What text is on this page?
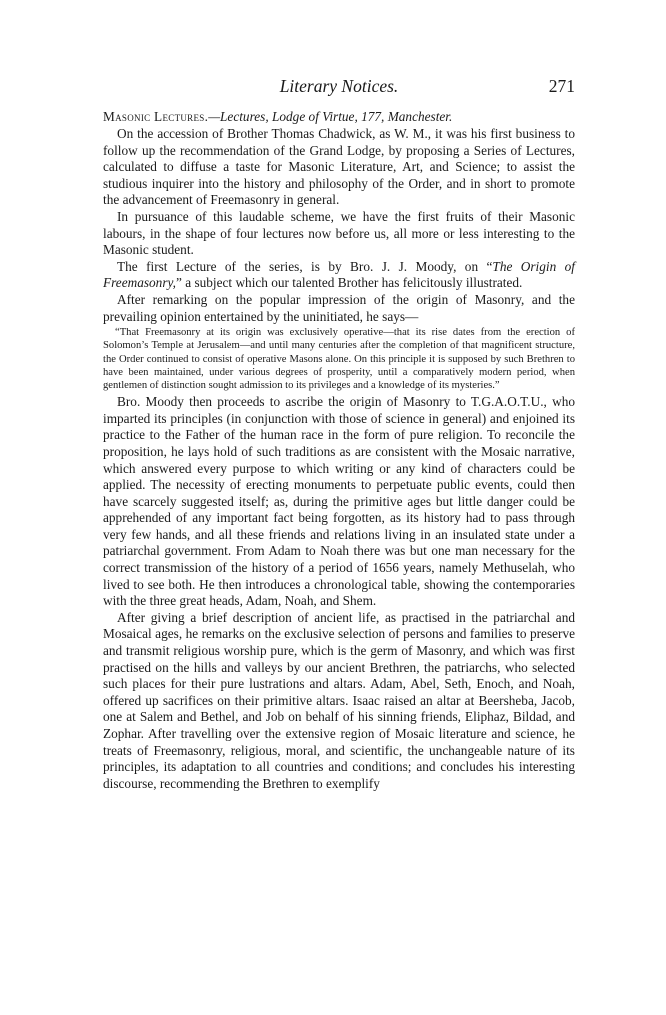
Literary Notices.	271
Masonic Lectures.—Lectures, Lodge of Virtue, 177, Manchester.

On the accession of Brother Thomas Chadwick, as W. M., it was his first business to follow up the recommendation of the Grand Lodge, by proposing a Series of Lectures, calculated to diffuse a taste for Masonic Literature, Art, and Science; to assist the studious inquirer into the history and philosophy of the Order, and in short to promote the advancement of Freemasonry in general.

In pursuance of this laudable scheme, we have the first fruits of their Masonic labours, in the shape of four lectures now before us, all more or less interesting to the Masonic student.

The first Lecture of the series, is by Bro. J. J. Moody, on “The Origin of Freemasonry,” a subject which our talented Brother has felicitously illustrated.

After remarking on the popular impression of the origin of Masonry, and the prevailing opinion entertained by the uninitiated, he says—

“That Freemasonry at its origin was exclusively operative—that its rise dates from the erection of Solomon’s Temple at Jerusalem—and until many centuries after the completion of that magnificent structure, the Order continued to consist of operative Masons alone. On this principle it is supposed by such Brethren to have been maintained, under various degrees of prosperity, until a comparatively modern period, when gentlemen of distinction sought admission to its privileges and a knowledge of its mysteries.”

Bro. Moody then proceeds to ascribe the origin of Masonry to T.G.A.O.T.U., who imparted its principles (in conjunction with those of science in general) and enjoined its practice to the Father of the human race in the form of pure religion. To reconcile the proposition, he lays hold of such traditions as are consistent with the Mosaic narrative, which answered every purpose to which writing or any kind of characters could be applied. The necessity of erecting monuments to perpetuate public events, could then have scarcely suggested itself; as, during the primitive ages but little danger could be apprehended of any important fact being forgotten, as its history had to pass through very few hands, and all these friends and relations living in an insulated state under a patriarchal government. From Adam to Noah there was but one man necessary for the correct transmission of the history of a period of 1656 years, namely Methuselah, who lived to see both. He then introduces a chronological table, showing the contemporaries with the three great heads, Adam, Noah, and Shem.

After giving a brief description of ancient life, as practised in the patriarchal and Mosaical ages, he remarks on the exclusive selection of persons and families to preserve and transmit religious worship pure, which is the germ of Masonry, and which was first practised on the hills and valleys by our ancient Brethren, the patriarchs, who selected such places for their pure lustrations and altars. Adam, Abel, Seth, Enoch, and Noah, offered up sacrifices on their primitive altars. Isaac raised an altar at Beersheba, Jacob, one at Salem and Bethel, and Job on behalf of his sinning friends, Eliphaz, Bildad, and Zophar. After travelling over the extensive region of Mosaic literature and science, he treats of Freemasonry, religious, moral, and scientific, the unchangeable nature of its principles, its adaptation to all countries and conditions; and concludes his interesting discourse, recommending the Brethren to exemplify
